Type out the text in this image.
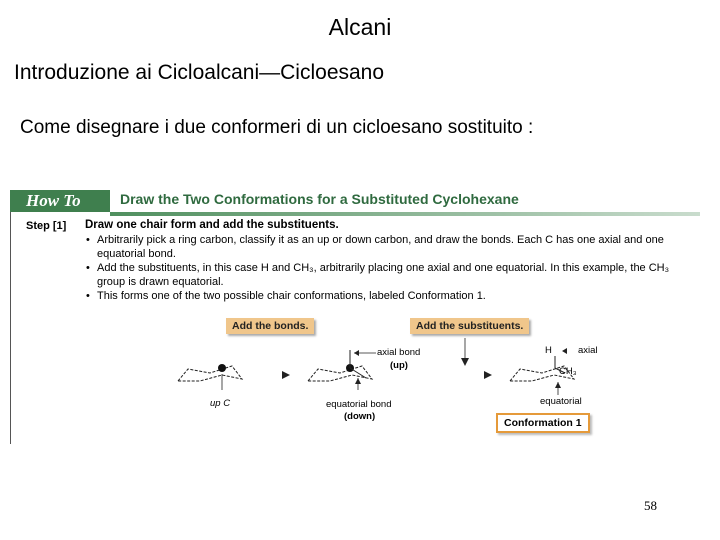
Alcani
Introduzione ai Cicloalcani—Cicloesano
Come disegnare i due conformeri di un cicloesano sostituito :
How To	Draw the Two Conformations for a Substituted Cyclohexane
Step [1] Draw one chair form and add the substituents.
• Arbitrarily pick a ring carbon, classify it as an up or down carbon, and draw the bonds. Each C has one axial and one equatorial bond.
• Add the substituents, in this case H and CH₃, arbitrarily placing one axial and one equatorial. In this example, the CH₃ group is drawn equatorial.
• This forms one of the two possible chair conformations, labeled Conformation 1.
Add the bonds.	Add the substituents.
Conformation 1
up C
axial bond
(up)
equatorial bond
(down)
H	axial
CH₃
equatorial
58
